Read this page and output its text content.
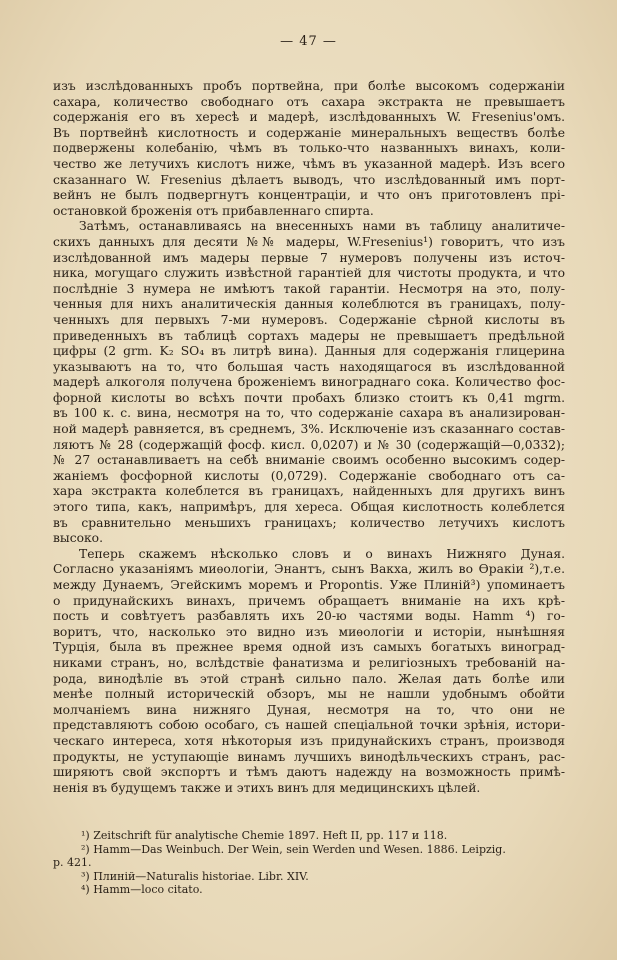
— 47 —
изъ изслѣдованныхъ пробъ портвейна, при болѣе высокомъ содержанiи
сахара, количество свободнаго отъ сахара экстракта не превышаетъ
содержанiя его въ хересѣ и мадерѣ, изслѣдованныхъ W. Fresenius'омъ.
Въ портвейнѣ кислотность и содержанiе минеральныхъ веществъ болѣе
подвержены колебанiю, чѣмъ въ только-что названныхъ винахъ, коли-
чество же летучихъ кислотъ ниже, чѣмъ въ указанной мадерѣ. Изъ всего
сказаннаго W. Fresenius дѣлаетъ выводъ, что изслѣдованный имъ порт-
вейнъ не былъ подвергнутъ концентрацiи, и что онъ приготовленъ прi-
остановкой броженiя отъ прибавленнаго спирта.
Затѣмъ, останавливаясь на внесенныхъ нами въ таблицу аналитиче-
скихъ данныхъ для десяти №№ мадеры, W.Fresenius¹) говоритъ, что изъ
изслѣдованной имъ мадеры первые 7 нумеровъ получены изъ источ-
ника, могущаго служить извѣстной гарантiей для чистоты продукта, и что
послѣднiе 3 нумера не имѣютъ такой гарантiи. Несмотря на это, полу-
ченныя для нихъ аналитическiя данныя колеблются въ границахъ, полу-
ченныхъ для первыхъ 7-ми нумеровъ. Содержанiе сѣрной кислоты въ
приведенныхъ въ таблицѣ сортахъ мадеры не превышаетъ предѣльной
цифры (2 grm. K₂ SO₄ въ литрѣ вина). Данныя для содержанiя глицерина
указываютъ на то, что большая часть находящагося въ изслѣдованной
мадерѣ алкоголя получена броженiемъ винограднаго сока. Количество фос-
форной кислоты во всѣхъ почти пробахъ близко стоитъ къ 0,41 mgrm.
въ 100 к. с. вина, несмотря на то, что содержанiе сахара въ анализирован-
ной мадерѣ равняется, въ среднемъ, 3%. Исключенiе изъ сказаннаго состав-
ляютъ № 28 (содержащiй фосф. кисл. 0,0207) и № 30 (содержащiй—0,0332);
№ 27 останавливаетъ на себѣ вниманiе своимъ особенно высокимъ содер-
жанiемъ фосфорной кислоты (0,0729). Содержанiе свободнаго отъ са-
хара экстракта колеблется въ границахъ, найденныхъ для другихъ винъ
этого типа, какъ, напримѣръ, для хереса. Общая кислотность колеблется
въ сравнительно меньшихъ границахъ; количество летучихъ кислотъ
высоко.
Теперь скажемъ нѣсколько словъ и о винахъ Нижняго Дуная.
Согласно указанiямъ миѳологiи, Энантъ, сынъ Вакха, жилъ во Ѳракiи ²),т.е.
между Дунаемъ, Эгейскимъ моремъ и Propontis. Уже Плинiй³) упоминаетъ
о придунайскихъ винахъ, причемъ обращаетъ вниманiе на ихъ крѣ-
пость и совѣтуетъ разбавлять ихъ 20-ю частями воды. Hamm ⁴) го-
воритъ, что, насколько это видно изъ миѳологiи и исторiи, нынѣшняя
Турцiя, была въ прежнее время одной изъ самыхъ богатыхъ виноград-
никами странъ, но, вслѣдствiе фанатизма и религiозныхъ требованiй на-
рода, винодѣлiе въ этой странѣ сильно пало. Желая дать болѣе или
менѣе полный историческiй обзоръ, мы не нашли удобнымъ обойти
молчанiемъ вина нижняго Дуная, несмотря на то, что они не
представляютъ собою особаго, съ нашей спецiальной точки зрѣнiя, истори-
ческаго интереса, хотя нѣкоторыя изъ придунайскихъ странъ, производя
продукты, не уступающiе винамъ лучшихъ винодѣльческихъ странъ, рас-
ширяютъ свой экспортъ и тѣмъ даютъ надежду на возможность примѣ-
ненiя въ будущемъ также и этихъ винъ для медицинскихъ цѣлей.
¹) Zeitschrift für analytische Chemie 1897. Heft II, pp. 117 и 118.
²) Hamm—Das Weinbuch. Der Wein, sein Werden und Wesen. 1886. Leipzig.
p. 421.
³) Плинiй—Naturalis historiae. Libr. XIV.
⁴) Hamm—loco citato.
